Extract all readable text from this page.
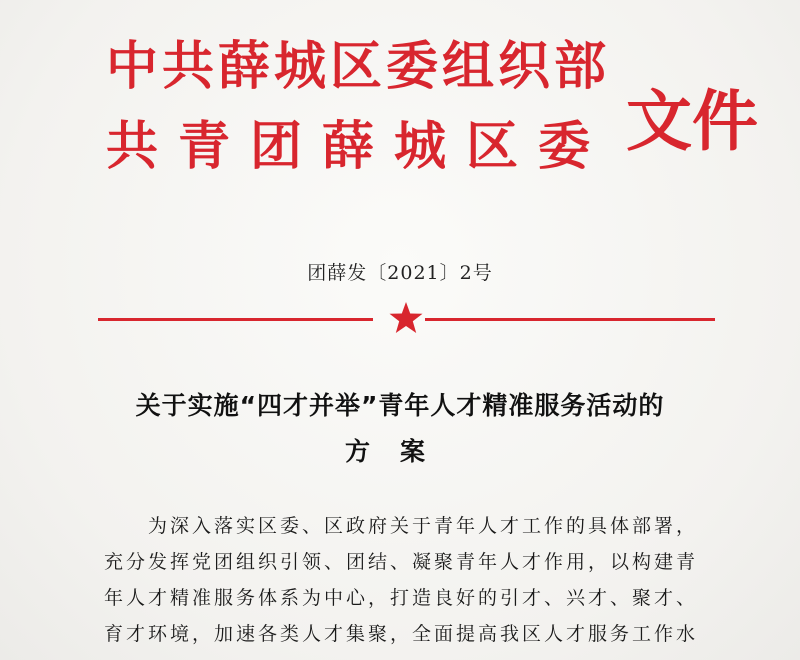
中共薛城区委组织部
共青团薛城区委 文件
团薛发〔2021〕2号
关于实施“四才并举”青年人才精准服务活动的
方案
为深入落实区委、区政府关于青年人才工作的具体部署，
充分发挥党团组织引领、团结、凝聚青年人才作用，以构建青
年人才精准服务体系为中心，打造良好的引才、兴才、聚才、
育才环境，加速各类人才集聚，全面提高我区人才服务工作水
